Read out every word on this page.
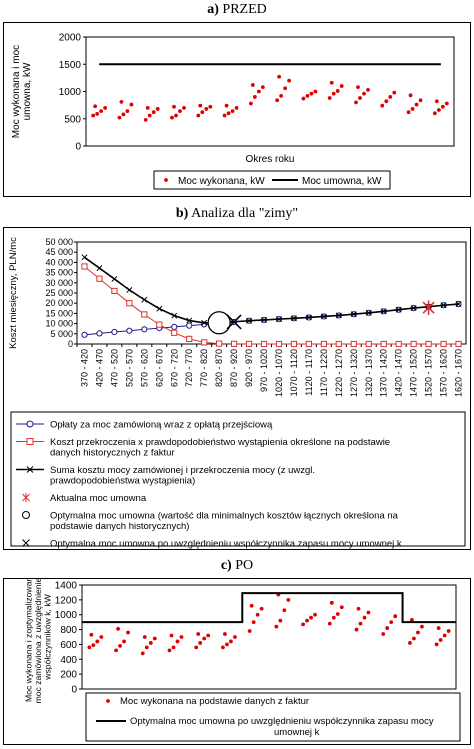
a) PRZED
0
500
1000
1500
2000
Moc wykonana i mocumowna, kW
Okres roku
Moc wykonana, kW	Moc umowna, kW
b) Analiza dla "zimy"
0
5 000
10 000
15 000
20 000
25 000
30 000
35 000
40 000
45 000
50 000
Koszt miesięczny, PLN/mc
370 - 420 420 - 470 470 - 520 520 - 570 570 - 620 620 - 670 670 - 720 720 - 770 770 - 820 820 - 870 870 - 920 920 - 970 970 - 1020 1020 - 1070 1070 - 1120 1120 - 1170 1170 - 1220 1220 - 1270 1270 - 1320 1320 - 1370 1370 - 1420 1420 - 1470 1470 - 1520 1520 - 1570 1570 - 1620 1620 - 1670
Opłaty za moc zamówioną wraz z opłatą przejściową
Koszt przekroczenia x prawdopodobieństwo wystąpienia określone na podstawie danych historycznych z faktur
Suma kosztu mocy zamówionej i przekroczenia mocy (z uwzgl. prawdopodobieństwa wystąpienia)
Aktualna moc umowna
Optymalna moc umowna (wartość dla minimalnych kosztów łącznych określona na podstawie danych historycznych)
Optymalna moc umowna po uwzględnieniu współczynnika zapasu mocy umownej k
c) PO
0
200
400
600
800
1000
1200
1400
Moc wykonana i zoptymalizowanamoc zamówiona z uwzględnieniemwspółczynników k, kW
Moc wykonana na podstawie danych z faktur
Optymalna moc umowna po uwzględnieniu współczynnika zapasu mocy umownej k
